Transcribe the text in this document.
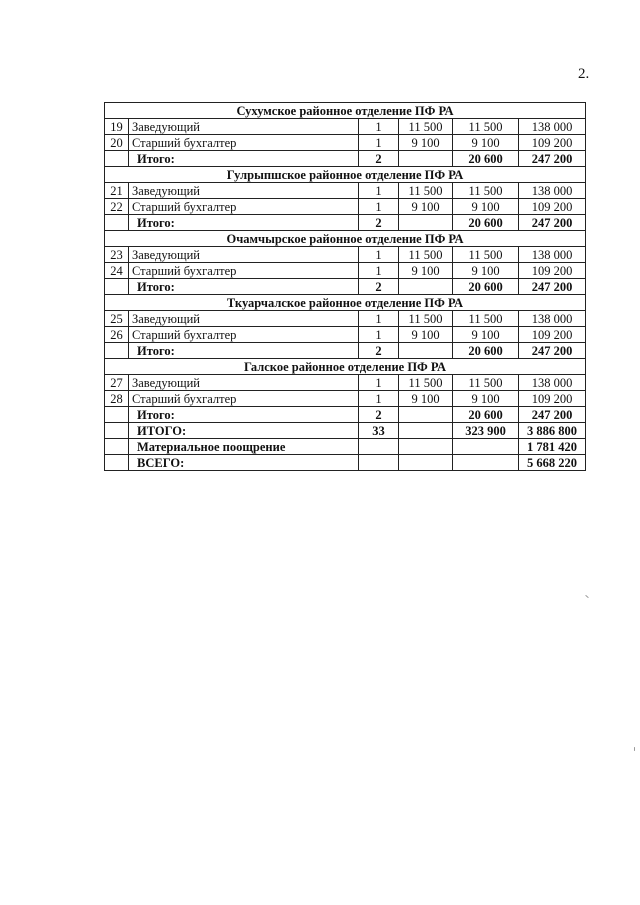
2.
Сухумское районное отделение ПФ РА					
19	Заведующий	1	11 500	11 500	138 000
20	Старший бухгалтер	1	9 100	9 100	109 200
	Итого:	2		20 600	247 200
Гулрыпшское районное отделение ПФ РА					
21	Заведующий	1	11 500	11 500	138 000
22	Старший бухгалтер	1	9 100	9 100	109 200
	Итого:	2		20 600	247 200
Очамчырское районное отделение ПФ РА					
23	Заведующий	1	11 500	11 500	138 000
24	Старший бухгалтер	1	9 100	9 100	109 200
	Итого:	2		20 600	247 200
Ткуарчалское районное отделение ПФ РА					
25	Заведующий	1	11 500	11 500	138 000
26	Старший бухгалтер	1	9 100	9 100	109 200
	Итого:	2		20 600	247 200
Галское районное отделение ПФ РА					
27	Заведующий	1	11 500	11 500	138 000
28	Старший бухгалтер	1	9 100	9 100	109 200
	Итого:	2		20 600	247 200
	ИТОГО:	33		323 900	3 886 800
	Материальное поощрение				1 781 420
	ВСЕГО:				5 668 220
